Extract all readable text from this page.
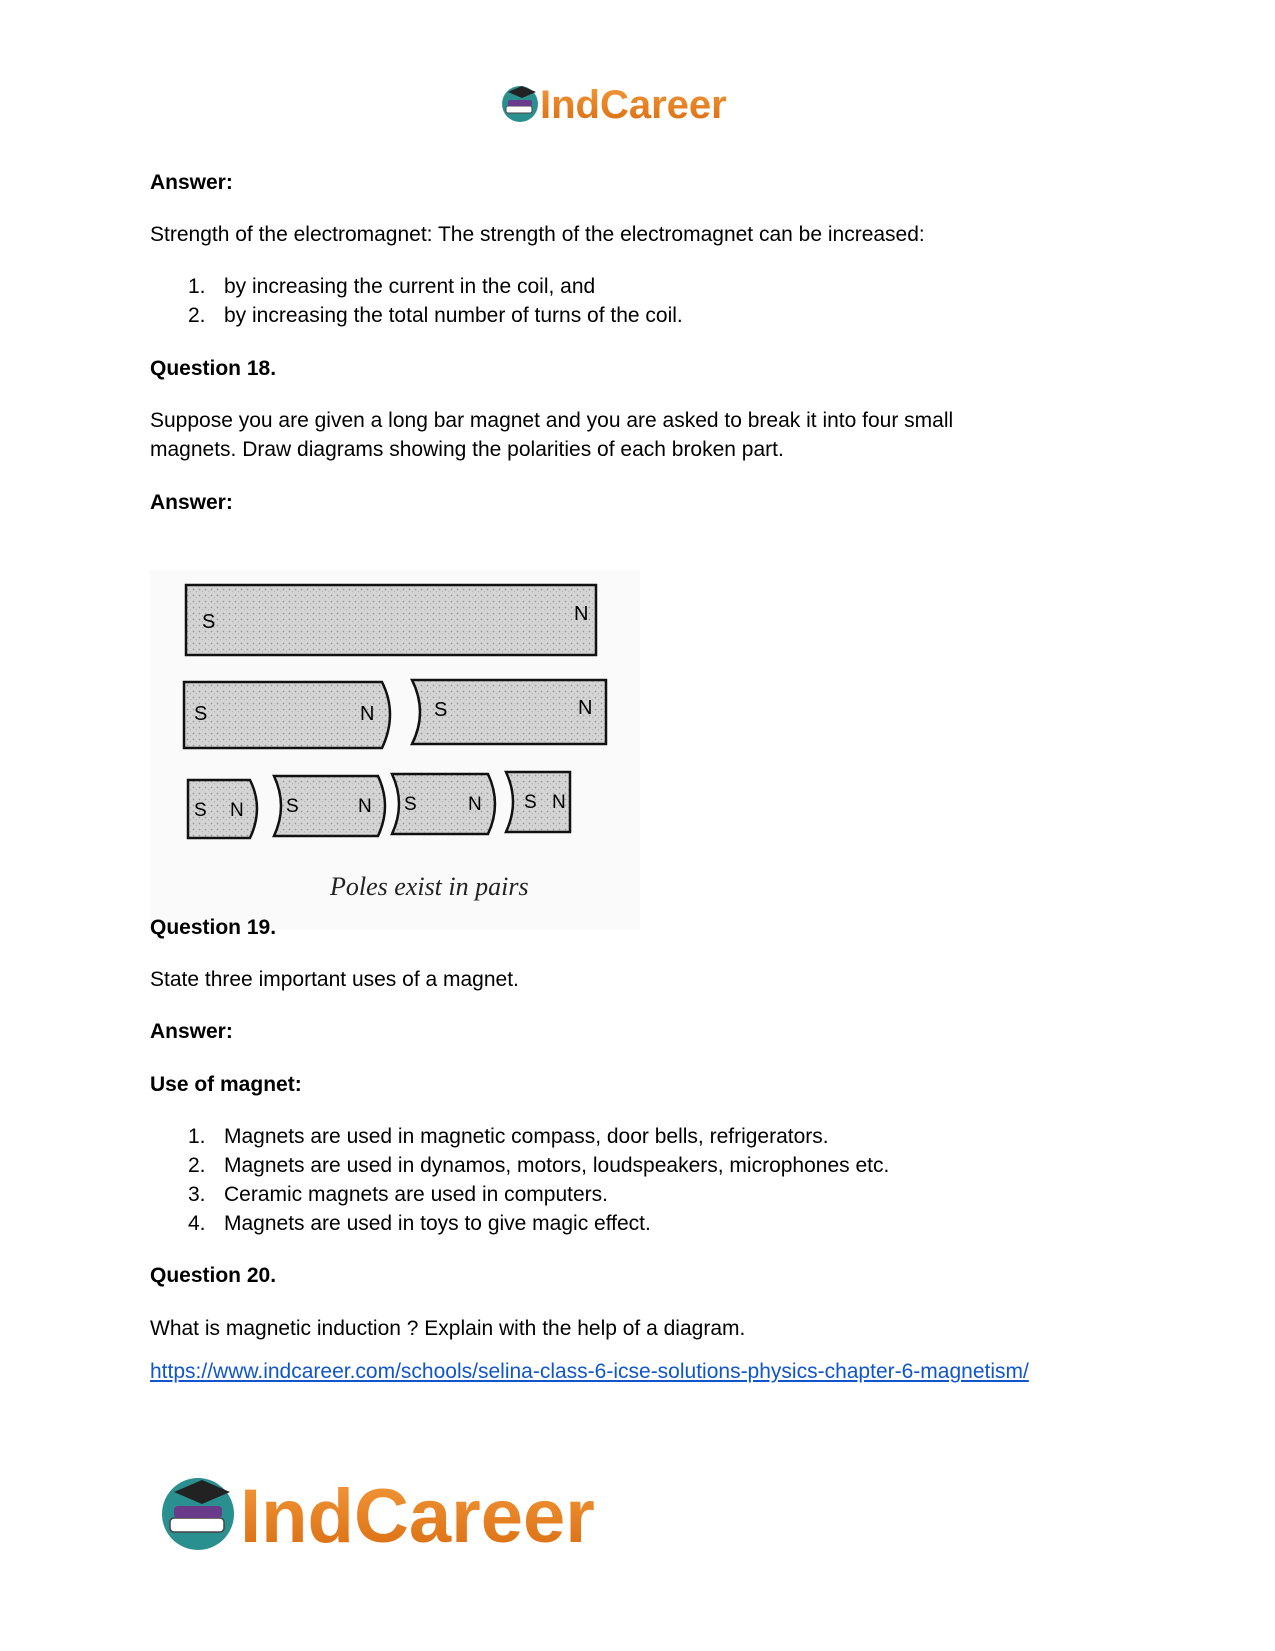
IndCareer
Answer:
Strength of the electromagnet: The strength of the electromagnet can be increased:
1. by increasing the current in the coil, and
2. by increasing the total number of turns of the coil.
Question 18.
Suppose you are given a long bar magnet and you are asked to break it into four small
magnets. Draw diagrams showing the polarities of each broken part.
Answer:
S	N
S	N	S	N
S N S	N S	N S N
Poles exist in pairs
Question 19.
State three important uses of a magnet.
Answer:
Use of magnet:
1. Magnets are used in magnetic compass, door bells, refrigerators.
2. Magnets are used in dynamos, motors, loudspeakers, microphones etc.
3. Ceramic magnets are used in computers.
4. Magnets are used in toys to give magic effect.
Question 20.
What is magnetic induction ? Explain with the help of a diagram.
https://www.indcareer.com/schools/selina-class-6-icse-solutions-physics-chapter-6-magnetism/
IndCareer
